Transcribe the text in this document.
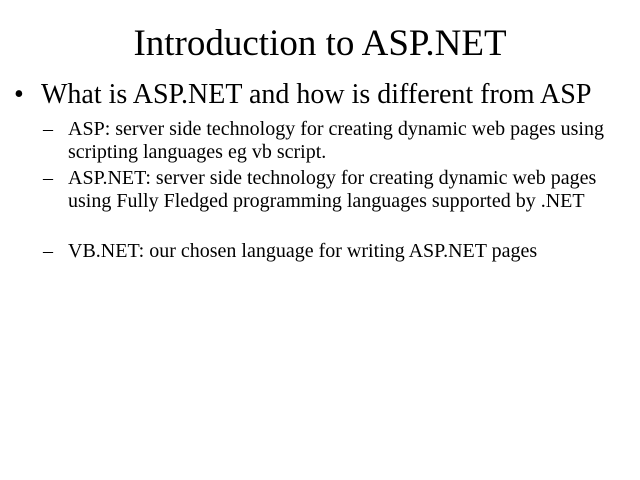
Introduction to ASP.NET
• What is ASP.NET and how is different from ASP
– ASP: server side technology for creating dynamic web pages using scripting languages eg vb script.
– ASP.NET: server side technology for creating dynamic web pages using Fully Fledged programming languages supported by .NET
– VB.NET: our chosen language for writing ASP.NET pages
